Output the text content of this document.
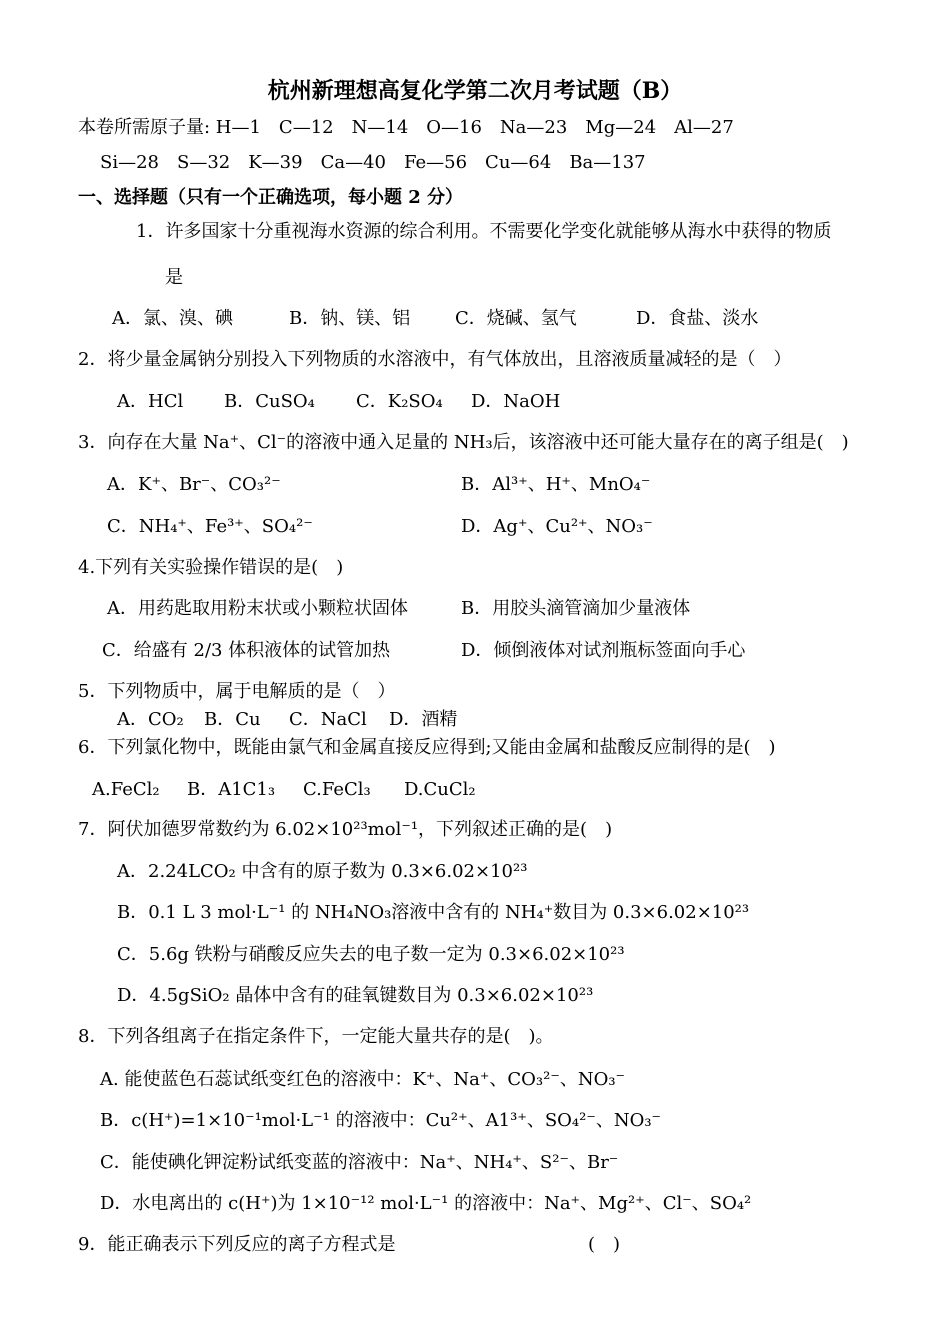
杭州新理想高复化学第二次月考试题（B）
本卷所需原子量: H—1　C—12　N—14　O—16　Na—23　Mg—24　Al—27
Si—28　S—32　K—39　Ca—40　Fe—56　Cu—64　Ba—137
一、选择题（只有一个正确选项，每小题 2 分）
1．许多国家十分重视海水资源的综合利用。不需要化学变化就能够从海水中获得的物质
是
A．氯、溴、碘	B．钠、镁、铝 C．烧碱、氢气	D．食盐、淡水
2．将少量金属钠分别投入下列物质的水溶液中，有气体放出，且溶液质量减轻的是（　）
A．HCl B．CuSO₄ C．K₂SO₄ D．NaOH
3．向存在大量 Na⁺、Cl⁻的溶液中通入足量的 NH₃后，该溶液中还可能大量存在的离子组是(　)
A．K⁺、Br⁻、CO₃²⁻	B．Al³⁺、H⁺、MnO₄⁻
C．NH₄⁺、Fe³⁺、SO₄²⁻	D．Ag⁺、Cu²⁺、NO₃⁻
4.下列有关实验操作错误的是(　)
A．用药匙取用粉末状或小颗粒状固体	B．用胶头滴管滴加少量液体
C．给盛有 2/3 体积液体的试管加热	D．倾倒液体对试剂瓶标签面向手心
5．下列物质中，属于电解质的是（　）
A．CO₂ B．Cu C．NaCl D．酒精
6．下列氯化物中，既能由氯气和金属直接反应得到;又能由金属和盐酸反应制得的是(　)
A.FeCl₂ B．A1C1₃ C.FeCl₃ D.CuCl₂
7．阿伏加德罗常数约为 6.02×10²³mol⁻¹，下列叙述正确的是(　)
A．2.24LCO₂ 中含有的原子数为 0.3×6.02×10²³
B．0.1 L 3 mol·L⁻¹ 的 NH₄NO₃溶液中含有的 NH₄⁺数目为 0.3×6.02×10²³
C．5.6g 铁粉与硝酸反应失去的电子数一定为 0.3×6.02×10²³
D．4.5gSiO₂ 晶体中含有的硅氧键数目为 0.3×6.02×10²³
8．下列各组离子在指定条件下，一定能大量共存的是(　)。
A. 能使蓝色石蕊试纸变红色的溶液中：K⁺、Na⁺、CO₃²⁻、NO₃⁻
B．c(H⁺)=1×10⁻¹mol·L⁻¹ 的溶液中：Cu²⁺、A1³⁺、SO₄²⁻、NO₃⁻
C．能使碘化钾淀粉试纸变蓝的溶液中：Na⁺、NH₄⁺、S²⁻、Br⁻
D．水电离出的 c(H⁺)为 1×10⁻¹² mol·L⁻¹ 的溶液中：Na⁺、Mg²⁺、Cl⁻、SO₄²
9．能正确表示下列反应的离子方程式是	(　)
